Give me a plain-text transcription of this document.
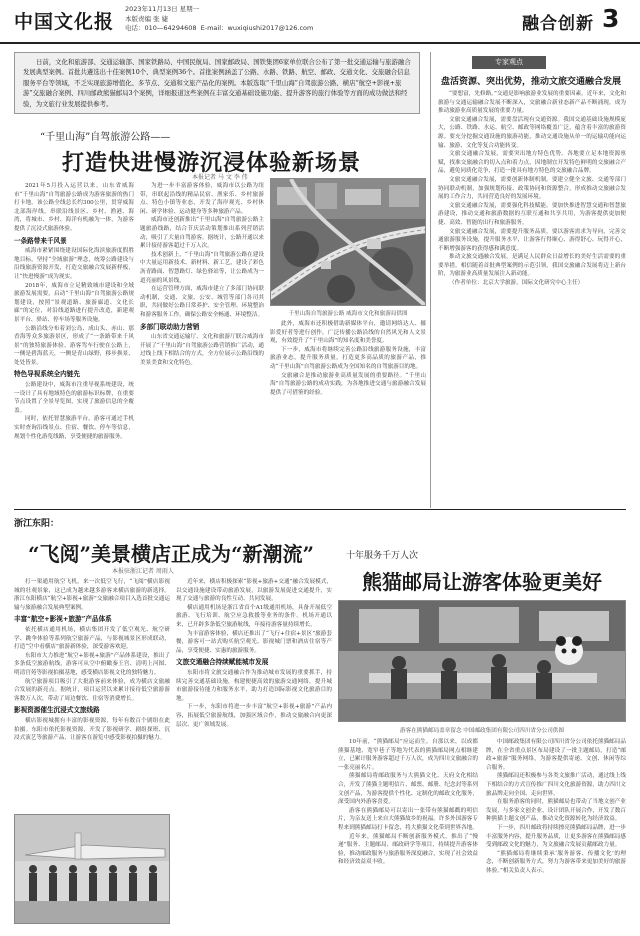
中国文化报
2023年11月13日 星期一
本版责编 张 婕
电话：010—64294608 E-mail：wuxiqiushi2017@126.com	融合创新 3
日前，文化和旅游部、交通运输部、国家铁路局、中国民航局、国家邮政局、国铁集团6家单位联合公布了第一批交通运输与旅游融合发展典型案例。首批共遴选出十佳案例10个、典型案例36个。首批案例涵盖了公路、水路、铁路、航空、邮政、交通文化、交旅融合信息服务平台等领域，不乏实现旅游增值化、多节点、交通和文旅产品化的案例。本版选取“千里山海”自驾旅游公路、横店“航空+影视+旅游”交旅融合案例、四川邮政熊猫邮局3个案例，详细报道这些案例在丰富交通基础设施功能、提升游客的旅行体验等方面的成功做法和经验，为文旅行业发展提供参考。
“千里山海”自驾旅游公路——
打造快进慢游沉浸体验新场景
本报记者 马 文 李 伟

2021年5月投入运营以来，山东省威海市“千里山海”自驾旅游公路成为游客旅游的热门打卡地。该公路全线总长约300公里，贯穿威海北部海岸线，串联沿线景区、乡村、渔港、海湾，将城市、乡村、海洋有机融为一体，为游客提供了沉浸式旅游体验。

一条路带来千风景

威海市紧紧围绕建设国际化海滨旅游度假胜地目标，坚持“全域旅游”理念，统筹公路建设与沿线旅游资源开发，打造交旅融合发展新样板，让“快进慢游”成为现实。

2018年，威海市立足精致城市建设和全域旅游发展需要，启动“千里山海”自驾旅游公路规划建设，按照“景观道路、旅游廊道、文化长廊”的定位，对沿线道路进行提升改造，新建观景平台、驿站、停车场等服务设施。

公路沿线分布着刘公岛、成山头、赤山、那香海等众多旅游景区，形成了“一条路带来千风景”的独特旅游体验。游客驾车行驶在公路上，一侧是碧海蓝天，一侧是青山绿野，移步换景、处处皆景。

特色导视系统全内链先

公路建设中，威海市注重导视系统建设，统一设计了具有地域特色的旅游标识标牌，在重要节点设置了全景导览图，实现了旅游信息的全覆盖。

同时，依托智慧旅游平台，游客可通过手机实时查询沿线景点、住宿、餐饮、停车等信息，规划个性化游览线路，享受便捷的旅游服务。

为进一步丰富游客体验，威海市以公路为纽带，串联起沿线的精品民宿、渔家乐、乡村旅游点、特色小镇等业态，开发了海岸观光、乡村休闲、研学体验、运动健身等多种旅游产品。

威海市还创新推出“千里山海”自驾旅游公路主题旅游线路，结合节庆活动策划推出系列营销活动，吸引了大量自驾游客。据统计，公路开通以来累计接待游客超过千万人次。

技术创新上，“千里山海”自驾旅游公路在建设中大量运用新技术、新材料、新工艺，建设了彩色沥青路面、智慧路灯、绿色驿站等，让公路成为一道亮丽的风景线。

在运营管理方面，威海市建立了多部门协同联动机制，交通、文旅、公安、城管等部门各司其职，共同做好公路日常养护、安全管理、环境整治和游客服务工作，确保公路安全畅通、环境整洁。

多部门联动助力营销

山东省交通运输厅、文化和旅游厅联合威海市开展了“千里山海”自驾旅游公路营销推广活动，通过线上线下相结合的方式，全方位展示公路沿线的美景美食和文化特色。

千里山海自驾旅游公路 威海市文化和旅游局供图

此外，威海市还积极借助新媒体平台，邀请网络达人、摄影爱好者等进行创作，广泛传播公路沿线的自然风光和人文景观，有效提升了“千里山海”的知名度和美誉度。

下一步，威海市将继续完善公路沿线旅游服务设施，丰富旅游业态，提升服务质量，打造更多高品质的旅游产品，推动“千里山海”自驾旅游公路成为全国知名的自驾旅游目的地。

交旅融合是推动旅游业高质量发展的重要路径。“千里山海”自驾旅游公路的成功实践，为各地推进交通与旅游融合发展提供了可借鉴的经验。

专家观点
盘活资源、突出优势，推动文旅交通融合发展

“要想富，先修路。”交通是影响旅游业发展的重要因素。近年来，文化和旅游与交通运输融合发展不断深入，交旅融合新业态新产品不断涌现，成为推动旅游业高质量发展的重要力量。

文旅交通融合发展，需要盘活现有交通资源。我国交通基础设施规模庞大，公路、铁路、水运、航空、邮政等网络覆盖广泛，蕴含着丰富的旅游资源。要充分挖掘交通设施的旅游功能，推动交通设施从单一的运输功能向运输、旅游、文化等复合功能转变。

文旅交通融合发展，需要突出地方特色优势。各地要立足本地资源禀赋，找准交旅融合的切入点和着力点，因地制宜开发特色鲜明的交旅融合产品，避免同质化竞争，打造一批具有地方特色的交旅融合品牌。

文旅交通融合发展，需要创新体制机制。要建立健全文旅、交通等部门协同联动机制，加强规划衔接、政策协同和资源整合，形成推动交旅融合发展的工作合力，共同营造良好的发展环境。

文旅交通融合发展，需要强化科技赋能。要加快推进智慧交通和智慧旅游建设，推动交通和旅游数据的互联互通和共享共用，为游客提供更加便捷、高效、智能的出行和旅游服务。

文旅交通融合发展，需要提升服务品质。要以游客需求为导向，完善交通旅游服务设施，提升服务水平，让游客行得顺心、游得舒心、玩得开心，不断增强游客的获得感和满意度。

推动文旅交通融合发展，是满足人民群众日益增长的美好生活需要的重要举措。相信随着首批典型案例的示范引领，我国交旅融合发展将迈上新台阶，为旅游业高质量发展注入新动能。

（作者单位：北京大学旅游，国际文化研究中心主任）

浙江东阳：
“飞阅”美景横店正成为“新潮流”
本报驻浙江记者 周雨人

打一架通用航空飞机，来一次低空飞行，“飞阅”横店影视城的壮观景象，这已成为越来越多游客来横店旅游的新选择。浙江东阳横店“航空+影视+旅游”交旅融合项目入选首批交通运输与旅游融合发展典型案例。

丰富“航空+影视+旅游”产品体系

依托横店通用机场，横店集团开发了低空观光、航空研学、跳伞体验等系列航空旅游产品，与影视城景区形成联动，打造“空中看横店”旅游新体验，深受游客欢迎。

东阳市大力推进“航空+影视+旅游”产品体系建设，推出了多条低空旅游航线，游客可从空中俯瞰秦王宫、清明上河图、明清宫苑等影视拍摄基地，感受横店影视文化的独特魅力。

航空旅游项目吸引了大批游客前来体验，成为横店文旅融合发展的新亮点。据统计，项目运营以来累计接待低空旅游游客数万人次，带动了周边餐饮、住宿等消费增长。

影视资源催生沉浸式文旅线路

横店影视城拥有丰富的影视资源，每年有数百个剧组在此拍摄。东阳市依托影视资源，开发了影视研学、剧组探班、沉浸式演艺等旅游产品，让游客在游览中感受影视拍摄的魅力。

近年来，横店积极探索“影视+旅游+交通”融合发展模式，以交通设施建设带动旅游发展，以旅游发展促进交通提升，实现了交通与旅游的良性互动、共同发展。

横店通用机场是浙江省首个A1级通用机场，具备开展低空旅游、飞行培训、航空应急救援等业务的条件。机场开通以来，已开辟多条低空旅游航线，年接待游客量持续增长。

为丰富游客体验，横店还推出了“飞行+住宿+景区”旅游套餐，游客可一站式购买航空观光、影视城门票和酒店住宿等产品，享受便捷、实惠的旅游服务。

文旅交通融合持续赋能城市发展

东阳市将文旅交通融合作为推动城市发展的重要抓手，持续完善交通基础设施，构建便捷高效的旅游交通网络，提升城市旅游接待能力和服务水平，助力打造国际影视文化旅游目的地。

下一步，东阳市将进一步丰富“航空+影视+旅游”产品内容，拓展低空旅游航线，加强区域合作，推动交旅融合向更深层次、更广领域发展。

十年服务千万人次
熊猫邮局让游客体验更美好
游客在熊猫邮局盖章留念 中国邮政集团有限公司四川省分公司供图

10年前，“熊猫邮局”应运而生。自那以来，以成都熊猫基地、宽窄巷子等地为代表的熊猫邮局网点相继建立，已累计服务游客超过千万人次，成为四川文旅融合的一张亮丽名片。

熊猫邮局将邮政服务与大熊猫文化、天府文化相结合，开发了熊猫主题明信片、邮票、邮册、纪念封等系列文创产品，为游客提供个性化、定制化的邮政文化服务，深受国内外游客喜爱。

游客在熊猫邮局可以寄出一张带有熊猫邮戳的明信片，为亲友送上来自大熊猫故乡的祝福。许多外国游客专程来到熊猫邮局打卡留念，将大熊猫文化带到世界各地。

近年来，熊猫邮局不断创新服务模式，推出了“慢递”服务、主题邮局、邮政研学等项目，持续提升游客体验，推动邮政服务与旅游服务深度融合，实现了社会效益和经济效益双丰收。

中国邮政集团有限公司四川省分公司依托熊猫邮局品牌，在全省重点景区布局建设了一批主题邮局，打造“邮政+旅游”服务网络，为游客提供寄递、文创、休闲等综合服务。

熊猫邮局还积极参与各类文旅推广活动，通过线上线下相结合的方式宣传推广四川文化旅游资源，助力四川文旅品牌走向全国、走向世界。

在服务游客的同时，熊猫邮局也带动了当地文创产业发展，与多家文创企业、设计团队开展合作，开发了数百种熊猫主题文创产品，推动文化资源转化为经济效益。

下一步，四川邮政将持续擦亮熊猫邮局品牌，进一步丰富服务内容，提升服务品质，让更多游客在熊猫邮局感受到邮政文化的魅力，为文旅融合发展贡献邮政力量。

“熊猫邮局将继续秉承‘服务游客、传播文化’的理念，不断创新服务方式，努力为游客带来更加美好的旅游体验。”相关负责人表示。
